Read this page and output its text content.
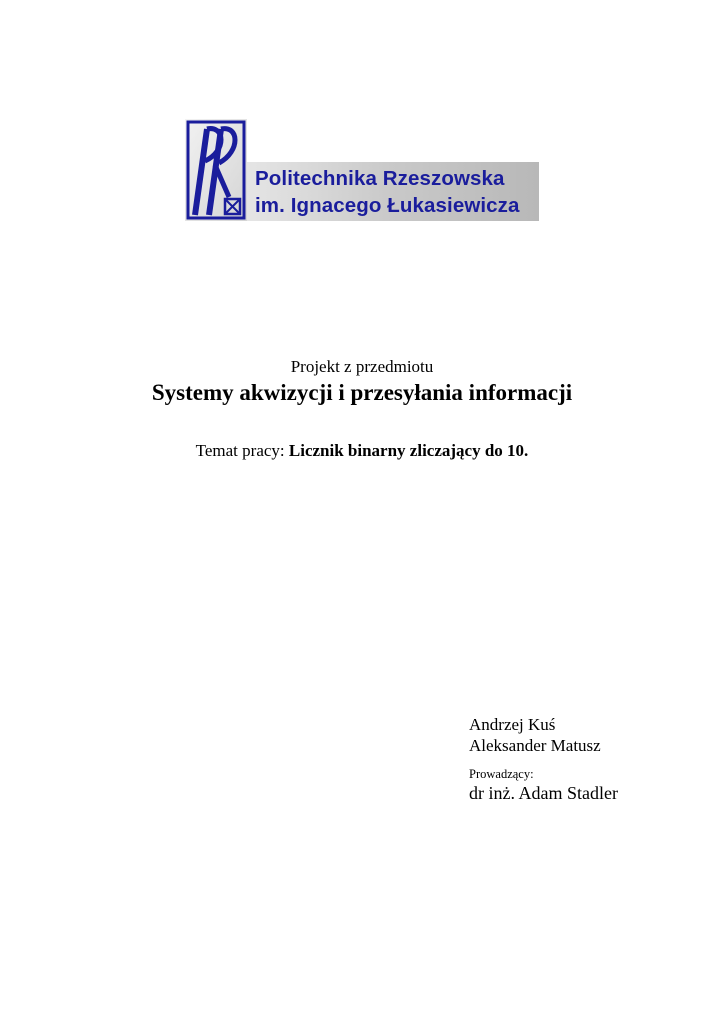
Politechnika Rzeszowska
im. Ignacego Łukasiewicza
Projekt z przedmiotu
Systemy akwizycji i przesyłania informacji
Temat pracy: Licznik binarny zliczający do 10.
Andrzej Kuś
Aleksander Matusz
Prowadzący:
dr inż. Adam Stadler
